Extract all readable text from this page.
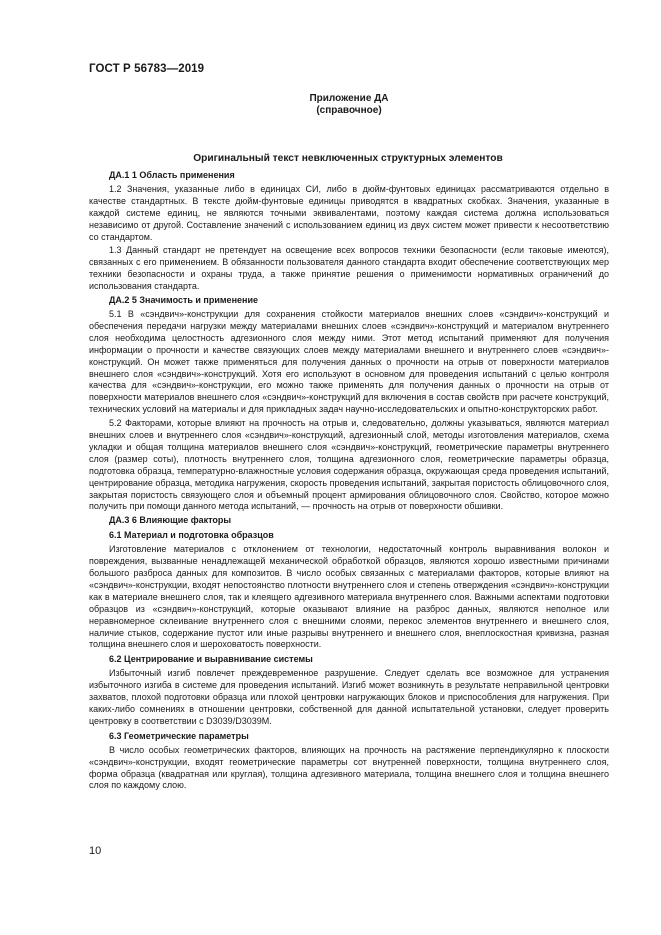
ГОСТ Р 56783—2019
Приложение ДА
(справочное)
Оригинальный текст невключенных структурных элементов
ДА.1 1 Область применения

1.2 Значения, указанные либо в единицах СИ, либо в дюйм-фунтовых единицах рассматриваются отдельно в качестве стандартных. В тексте дюйм-фунтовые единицы приводятся в квадратных скобках. Значения, указанные в каждой системе единиц, не являются точными эквивалентами, поэтому каждая система должна использоваться независимо от другой. Составление значений с использованием единиц из двух систем может привести к несоответствию со стандартом.

1.3 Данный стандарт не претендует на освещение всех вопросов техники безопасности (если таковые имеются), связанных с его применением. В обязанности пользователя данного стандарта входит обеспечение соответствующих мер техники безопасности и охраны труда, а также принятие решения о применимости нормативных ограничений до использования стандарта.

ДА.2 5 Значимость и применение

5.1 В «сэндвич»-конструкции для сохранения стойкости материалов внешних слоев «сэндвич»-конструкций и обеспечения передачи нагрузки между материалами внешних слоев «сэндвич»-конструкций и материалом внутреннего слоя необходима целостность адгезионного слоя между ними. Этот метод испытаний применяют для получения информации о прочности и качестве связующих слоев между материалами внешнего и внутреннего слоев «сэндвич»-конструкций. Он может также применяться для получения данных о прочности на отрыв от поверхности материалов внешнего слоя «сэндвич»-конструкций. Хотя его используют в основном для проведения испытаний с целью контроля качества для «сэндвич»-конструкции, его можно также применять для получения данных о прочности на отрыв от поверхности материалов внешнего слоя «сэндвич»-конструкций для включения в состав свойств при расчете конструкций, технических условий на материалы и для прикладных задач научно-исследовательских и опытно-конструкторских работ.

5.2 Факторами, которые влияют на прочность на отрыв и, следовательно, должны указываться, являются материал внешних слоев и внутреннего слоя «сэндвич»-конструкций, адгезионный слой, методы изготовления материалов, схема укладки и общая толщина материалов внешнего слоя «сэндвич»-конструкций, геометрические параметры внутреннего слоя (размер соты), плотность внутреннего слоя, толщина адгезионного слоя, геометрические параметры образца, подготовка образца, температурно-влажностные условия содержания образца, окружающая среда проведения испытаний, центрирование образца, методика нагружения, скорость проведения испытаний, закрытая пористость облицовочного слоя, закрытая пористость связующего слоя и объемный процент армирования облицовочного слоя. Свойство, которое можно получить при помощи данного метода испытаний, — прочность на отрыв от поверхности обшивки.

ДА.3 6 Влияющие факторы
6.1 Материал и подготовка образцов

Изготовление материалов с отклонением от технологии, недостаточный контроль выравнивания волокон и повреждения, вызванные ненадлежащей механической обработкой образцов, являются хорошо известными причинами большого разброса данных для композитов. В число особых связанных с материалами факторов, которые влияют на «сэндвич»-конструкции, входят непостоянство плотности внутреннего слоя и степень отверждения «сэндвич»-конструкции как в материале внешнего слоя, так и клеящего адгезивного материала внутреннего слоя. Важными аспектами подготовки образцов из «сэндвич»-конструкций, которые оказывают влияние на разброс данных, являются неполное или неравномерное склеивание внутреннего слоя с внешними слоями, перекос элементов внутреннего и внешнего слоя, наличие стыков, содержание пустот или иные разрывы внутреннего и внешнего слоя, внеплоскостная кривизна, разная толщина внешнего слоя и шероховатость поверхности.

6.2 Центрирование и выравнивание системы

Избыточный изгиб повлечет преждевременное разрушение. Следует сделать все возможное для устранения избыточного изгиба в системе для проведения испытаний. Изгиб может возникнуть в результате неправильной центровки захватов, плохой подготовки образца или плохой центровки нагружающих блоков и приспособления для нагружения. При каких-либо сомнениях в отношении центровки, собственной для данной испытательной установки, следует проверить центровку в соответствии с D3039/D3039M.

6.3 Геометрические параметры

В число особых геометрических факторов, влияющих на прочность на растяжение перпендикулярно к плоскости «сэндвич»-конструкции, входят геометрические параметры сот внутренней поверхности, толщина внутреннего слоя, форма образца (квадратная или круглая), толщина адгезивного материала, толщина внешнего слоя и толщина внешнего слоя по каждому слою.

10
